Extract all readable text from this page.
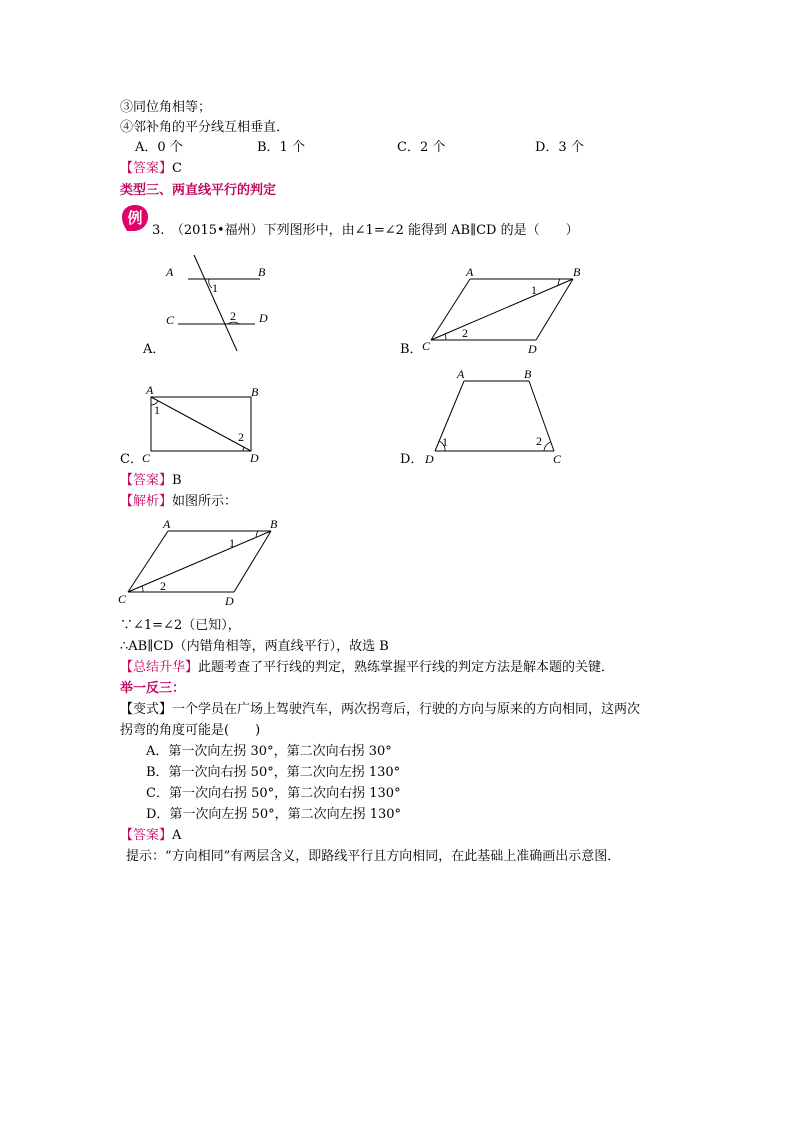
③同位角相等；
④邻补角的平分线互相垂直．
A．0 个	B．1 个	C．2 个	D．3 个
【答案】C
类型三、两直线平行的判定
例
3.　（2015•福州）下列图形中，由∠1=∠2 能得到 AB∥CD 的是（　　）
A	B
C	D
1
2
A．
A	B
C	D
1
2
B．
A	B
C	D
1
2
C．
A	B
C
D
1	2
D．
【答案】B
【解析】如图所示：
A	B
C	D
1
2
∵∠1=∠2（已知），
∴AB∥CD（内错角相等，两直线平行），故选 B
【总结升华】此题考查了平行线的判定，熟练掌握平行线的判定方法是解本题的关键．
举一反三：
【变式】一个学员在广场上驾驶汽车，两次拐弯后，行驶的方向与原来的方向相同，这两次
拐弯的角度可能是(　　)
A．第一次向左拐 30°，第二次向右拐 30°
B．第一次向右拐 50°，第二次向左拐 130°
C．第一次向右拐 50°，第二次向右拐 130°
D．第一次向左拐 50°，第二次向左拐 130°
【答案】A
提示：“方向相同”有两层含义，即路线平行且方向相同，在此基础上准确画出示意图．
